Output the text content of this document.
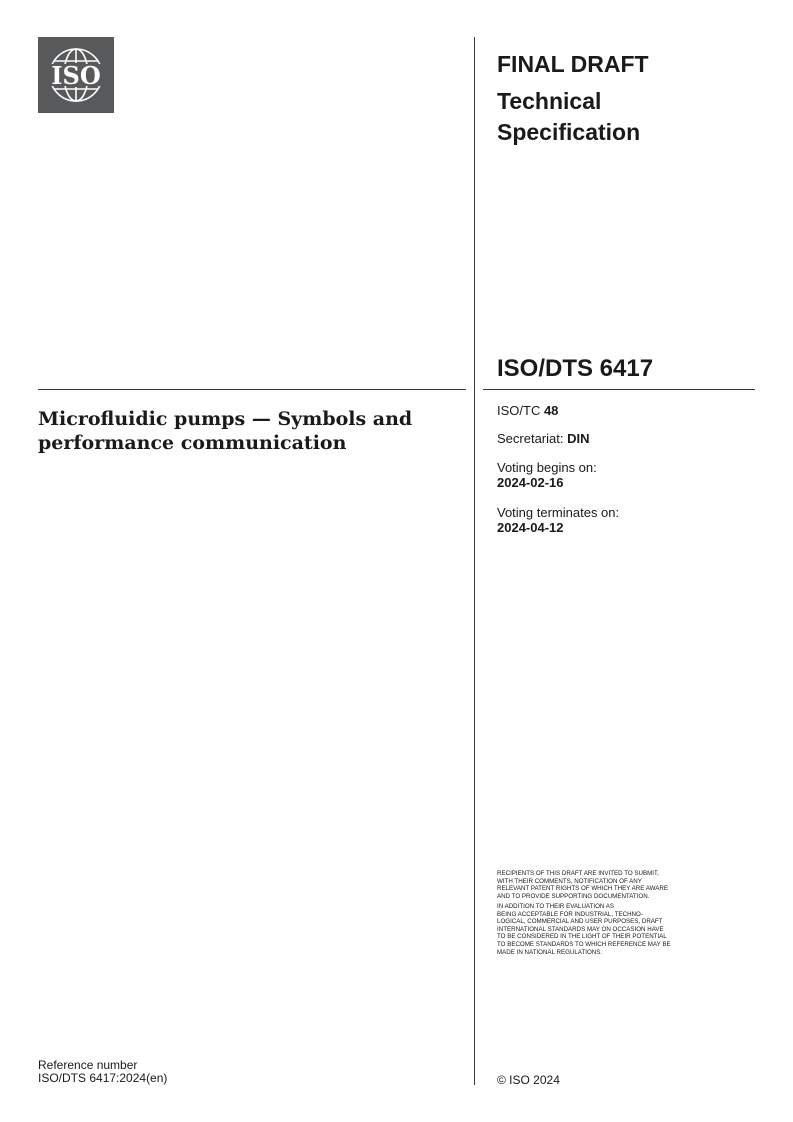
ISO	FINAL DRAFT
Technical
Specification
ISO/DTS 6417
Microfluidic pumps — Symbols and
performance communication
ISO/TC 48
Secretariat: DIN
Voting begins on:
2024-02-16
Voting terminates on:
2024-04-12
RECIPIENTS OF THIS DRAFT ARE INVITED TO SUBMIT,
WITH THEIR COMMENTS, NOTIFICATION OF ANY
RELEVANT PATENT RIGHTS OF WHICH THEY ARE AWARE
AND TO PROVIDE SUPPORTING DOCUMENTATION.
IN ADDITION TO THEIR EVALUATION AS
BEING ACCEPTABLE FOR INDUSTRIAL, TECHNO-
LOGICAL, COMMERCIAL AND USER PURPOSES, DRAFT
INTERNATIONAL STANDARDS MAY ON OCCASION HAVE
TO BE CONSIDERED IN THE LIGHT OF THEIR POTENTIAL
TO BECOME STANDARDS TO WHICH REFERENCE MAY BE
MADE IN NATIONAL REGULATIONS.
Reference number
ISO/DTS 6417:2024(en)	© ISO 2024
